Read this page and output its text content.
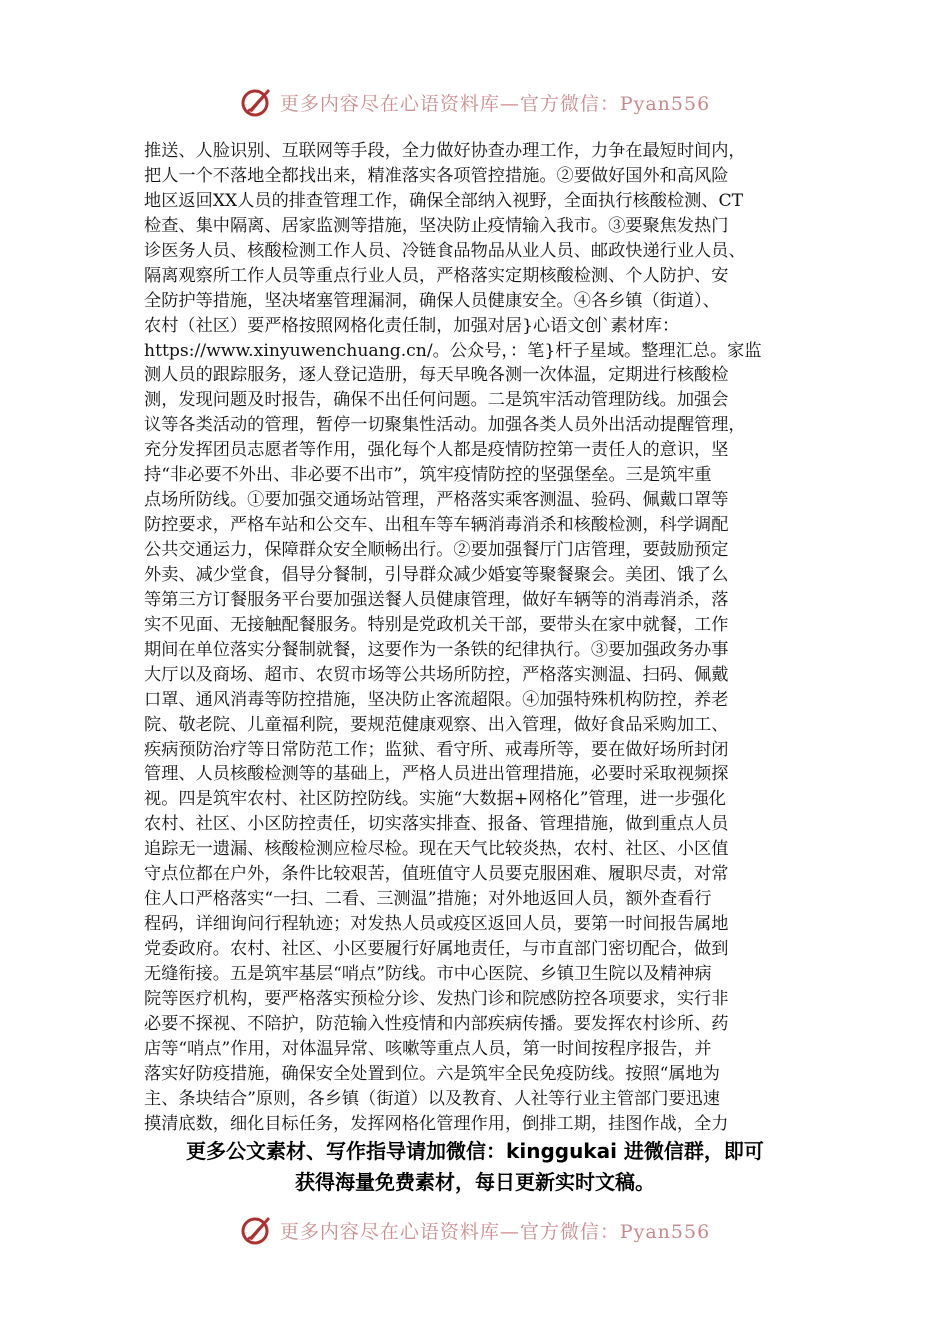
更多内容尽在心语资料库—官方微信：Pyan556
推送、人脸识别、互联网等手段，全力做好协查办理工作，力争在最短时间内，
把人一个不落地全都找出来，精准落实各项管控措施。②要做好国外和高风险
地区返回XX人员的排查管理工作，确保全部纳入视野，全面执行核酸检测、CT
检查、集中隔离、居家监测等措施，坚决防止疫情输入我市。③要聚焦发热门
诊医务人员、核酸检测工作人员、冷链食品物品从业人员、邮政快递行业人员、
隔离观察所工作人员等重点行业人员，严格落实定期核酸检测、个人防护、安
全防护等措施，坚决堵塞管理漏洞，确保人员健康安全。④各乡镇（街道）、
农村（社区）要严格按照网格化责任制，加强对居}心语文创`素材库：
https://www.xinyuwenchuang.cn/。公众号，：笔}杆子星域。整理汇总。家监
测人员的跟踪服务，逐人登记造册，每天早晚各测一次体温，定期进行核酸检
测，发现问题及时报告，确保不出任何问题。二是筑牢活动管理防线。加强会
议等各类活动的管理，暂停一切聚集性活动。加强各类人员外出活动提醒管理，
充分发挥团员志愿者等作用，强化每个人都是疫情防控第一责任人的意识，坚
持“非必要不外出、非必要不出市”，筑牢疫情防控的坚强堡垒。三是筑牢重
点场所防线。①要加强交通场站管理，严格落实乘客测温、验码、佩戴口罩等
防控要求，严格车站和公交车、出租车等车辆消毒消杀和核酸检测，科学调配
公共交通运力，保障群众安全顺畅出行。②要加强餐厅门店管理，要鼓励预定
外卖、减少堂食，倡导分餐制，引导群众减少婚宴等聚餐聚会。美团、饿了么
等第三方订餐服务平台要加强送餐人员健康管理，做好车辆等的消毒消杀，落
实不见面、无接触配餐服务。特别是党政机关干部，要带头在家中就餐，工作
期间在单位落实分餐制就餐，这要作为一条铁的纪律执行。③要加强政务办事
大厅以及商场、超市、农贸市场等公共场所防控，严格落实测温、扫码、佩戴
口罩、通风消毒等防控措施，坚决防止客流超限。④加强特殊机构防控，养老
院、敬老院、儿童福利院，要规范健康观察、出入管理，做好食品采购加工、
疾病预防治疗等日常防范工作；监狱、看守所、戒毒所等，要在做好场所封闭
管理、人员核酸检测等的基础上，严格人员进出管理措施，必要时采取视频探
视。四是筑牢农村、社区防控防线。实施“大数据+网格化”管理，进一步强化
农村、社区、小区防控责任，切实落实排查、报备、管理措施，做到重点人员
追踪无一遗漏、核酸检测应检尽检。现在天气比较炎热，农村、社区、小区值
守点位都在户外，条件比较艰苦，值班值守人员要克服困难、履职尽责，对常
住人口严格落实“一扫、二看、三测温”措施；对外地返回人员，额外查看行
程码，详细询问行程轨迹；对发热人员或疫区返回人员，要第一时间报告属地
党委政府。农村、社区、小区要履行好属地责任，与市直部门密切配合，做到
无缝衔接。五是筑牢基层“哨点”防线。市中心医院、乡镇卫生院以及精神病
院等医疗机构，要严格落实预检分诊、发热门诊和院感防控各项要求，实行非
必要不探视、不陪护，防范输入性疫情和内部疾病传播。要发挥农村诊所、药
店等“哨点”作用，对体温异常、咳嗽等重点人员，第一时间按程序报告，并
落实好防疫措施，确保安全处置到位。六是筑牢全民免疫防线。按照“属地为
主、条块结合”原则，各乡镇（街道）以及教育、人社等行业主管部门要迅速
摸清底数，细化目标任务，发挥网格化管理作用，倒排工期，挂图作战，全力
更多公文素材、写作指导请加微信：kinggukai 进微信群，即可
获得海量免费素材，每日更新实时文稿。
更多内容尽在心语资料库—官方微信：Pyan556
